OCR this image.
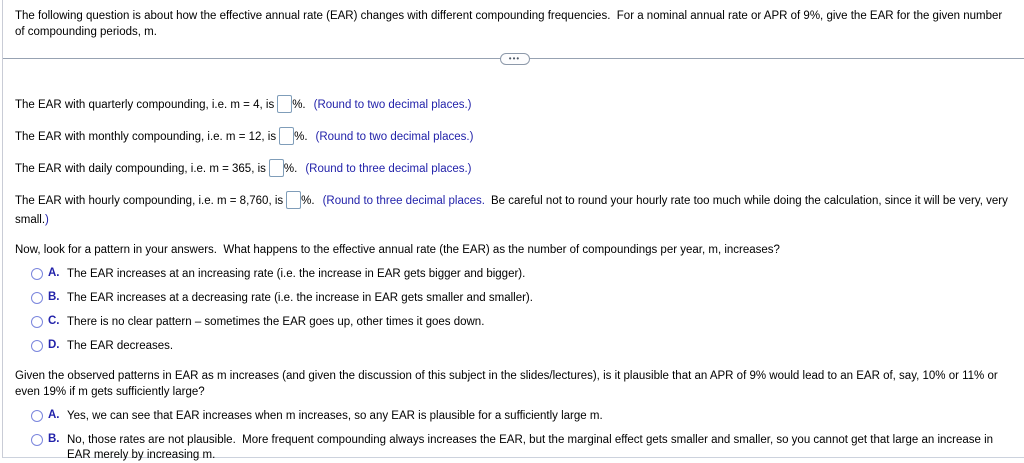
The following question is about how the effective annual rate (EAR) changes with different compounding frequencies.  For a nominal annual rate or APR of 9%, give the EAR for the given number of compounding periods, m.

•••

The EAR with quarterly compounding, i.e. m = 4, is %. (Round to two decimal places.)

The EAR with monthly compounding, i.e. m = 12, is %. (Round to two decimal places.)

The EAR with daily compounding, i.e. m = 365, is %. (Round to three decimal places.)

The EAR with hourly compounding, i.e. m = 8,760, is %. (Round to three decimal places. Be careful not to round your hourly rate too much while doing the calculation, since it will be very, very small.)

Now, look for a pattern in your answers.  What happens to the effective annual rate (the EAR) as the number of compoundings per year, m, increases?

A. The EAR increases at an increasing rate (i.e. the increase in EAR gets bigger and bigger).
B. The EAR increases at a decreasing rate (i.e. the increase in EAR gets smaller and smaller).
C. There is no clear pattern – sometimes the EAR goes up, other times it goes down.
D. The EAR decreases.

Given the observed patterns in EAR as m increases (and given the discussion of this subject in the slides/lectures), is it plausible that an APR of 9% would lead to an EAR of, say, 10% or 11% or even 19% if m gets sufficiently large?

A. Yes, we can see that EAR increases when m increases, so any EAR is plausible for a sufficiently large m.
B. No, those rates are not plausible.  More frequent compounding always increases the EAR, but the marginal effect gets smaller and smaller, so you cannot get that large an increase in EAR merely by increasing m.
